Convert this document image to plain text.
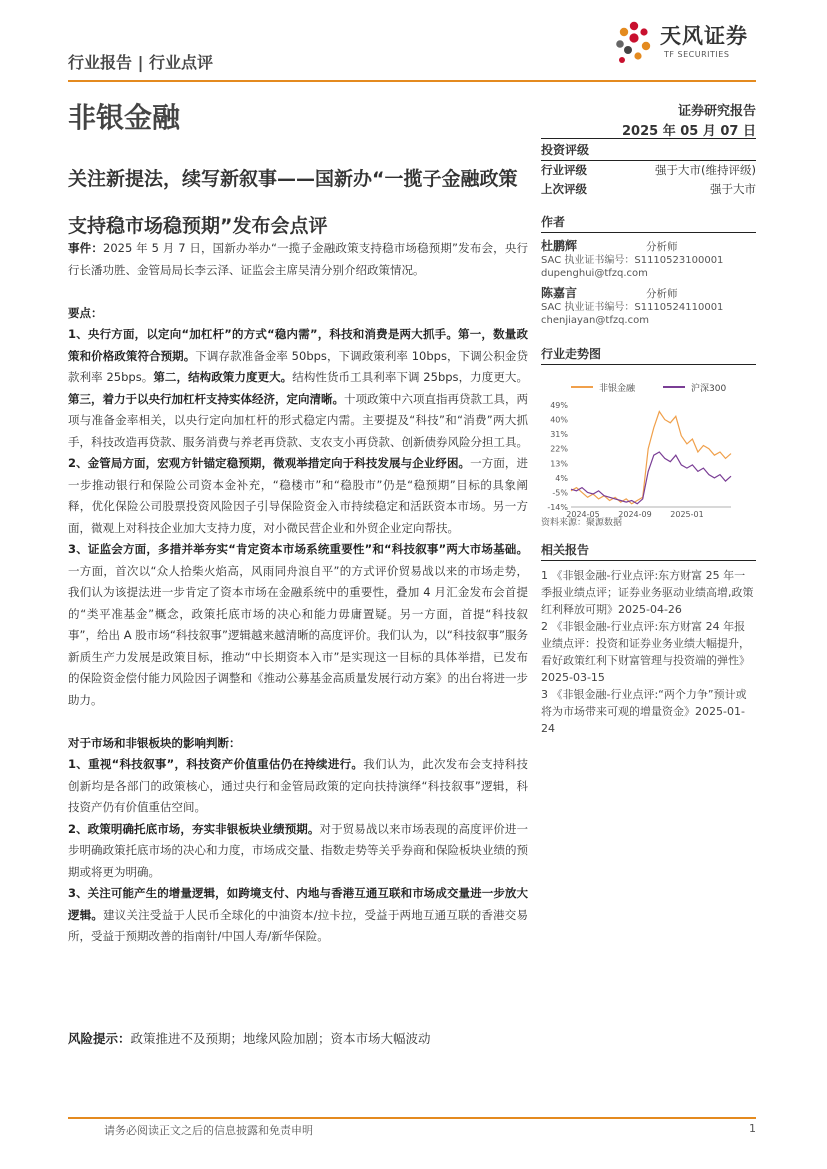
行业报告 | 行业点评
天风证券
TF SECURITIES
非银金融	证券研究报告
2025 年 05 月 07 日
关注新提法，续写新叙事——国新办“一揽子金融政策支持稳市场稳预期”发布会点评

事件：2025 年 5 月 7 日，国新办举办“一揽子金融政策支持稳市场稳预期”发布会，央行行长潘功胜、金管局局长李云泽、证监会主席吴清分别介绍政策情况。

要点：

1、央行方面，以定向“加杠杆”的方式“稳内需”，科技和消费是两大抓手。第一，数量政策和价格政策符合预期。下调存款准备金率 50bps，下调政策利率 10bps，下调公积金贷款利率 25bps。第二，结构政策力度更大。结构性货币工具利率下调 25bps，力度更大。第三，着力于以央行加杠杆支持实体经济，定向清晰。十项政策中六项直指再贷款工具，两项与准备金率相关，以央行定向加杠杆的形式稳定内需。主要提及“科技”和“消费”两大抓手，科技改造再贷款、服务消费与养老再贷款、支农支小再贷款、创新债券风险分担工具。

2、金管局方面，宏观方针锚定稳预期，微观举措定向于科技发展与企业纾困。一方面，进一步推动银行和保险公司资本金补充，“稳楼市”和“稳股市”仍是“稳预期”目标的具象阐释，优化保险公司股票投资风险因子引导保险资金入市持续稳定和活跃资本市场。另一方面，微观上对科技企业加大支持力度，对小微民营企业和外贸企业定向帮扶。

3、证监会方面，多措并举夯实“肯定资本市场系统重要性”和“科技叙事”两大市场基础。一方面，首次以“众人拾柴火焰高，风雨同舟浪自平”的方式评价贸易战以来的市场走势，我们认为该提法进一步肯定了资本市场在金融系统中的重要性，叠加 4 月汇金发布会首提的“类平准基金”概念，政策托底市场的决心和能力毋庸置疑。另一方面，首提“科技叙事”，给出 A 股市场“科技叙事”逻辑越来越清晰的高度评价。我们认为，以“科技叙事”服务新质生产力发展是政策目标，推动“中长期资本入市”是实现这一目标的具体举措，已发布的保险资金偿付能力风险因子调整和《推动公募基金高质量发展行动方案》的出台将进一步助力。

对于市场和非银板块的影响判断：

1、重视“科技叙事”，科技资产价值重估仍在持续进行。我们认为，此次发布会支持科技创新均是各部门的政策核心，通过央行和金管局政策的定向扶持演绎“科技叙事”逻辑，科技资产仍有价值重估空间。

2、政策明确托底市场，夯实非银板块业绩预期。对于贸易战以来市场表现的高度评价进一步明确政策托底市场的决心和力度，市场成交量、指数走势等关乎券商和保险板块业绩的预期或将更为明确。

3、关注可能产生的增量逻辑，如跨境支付、内地与香港互通互联和市场成交量进一步放大逻辑。建议关注受益于人民币全球化的中油资本/拉卡拉，受益于两地互通互联的香港交易所，受益于预期改善的指南针/中国人寿/新华保险。

风险提示：政策推进不及预期；地缘风险加剧；资本市场大幅波动
投资评级
行业评级	强于大市(维持评级)
上次评级	强于大市
作者
杜鹏辉	分析师
SAC 执业证书编号：S1110523100001
dupenghui@tfzq.com
陈嘉言	分析师
SAC 执业证书编号：S1110524110001
chenjiayan@tfzq.com
行业走势图
非银金融	沪深300
49%
40%
31%
22%
13%
4%
-5%
-14%
2024-05 2024-09 2025-01
资料来源：聚源数据
相关报告
1 《非银金融-行业点评:东方财富 25 年一季报业绩点评；证券业务驱动业绩高增,政策红利释放可期》2025-04-26
2 《非银金融-行业点评:东方财富 24 年报业绩点评：投资和证券业务业绩大幅提升，看好政策红利下财富管理与投资端的弹性》 2025-03-15
3 《非银金融-行业点评:“两个力争”预计或将为市场带来可观的增量资金》2025-01-24
请务必阅读正文之后的信息披露和免责申明	1
